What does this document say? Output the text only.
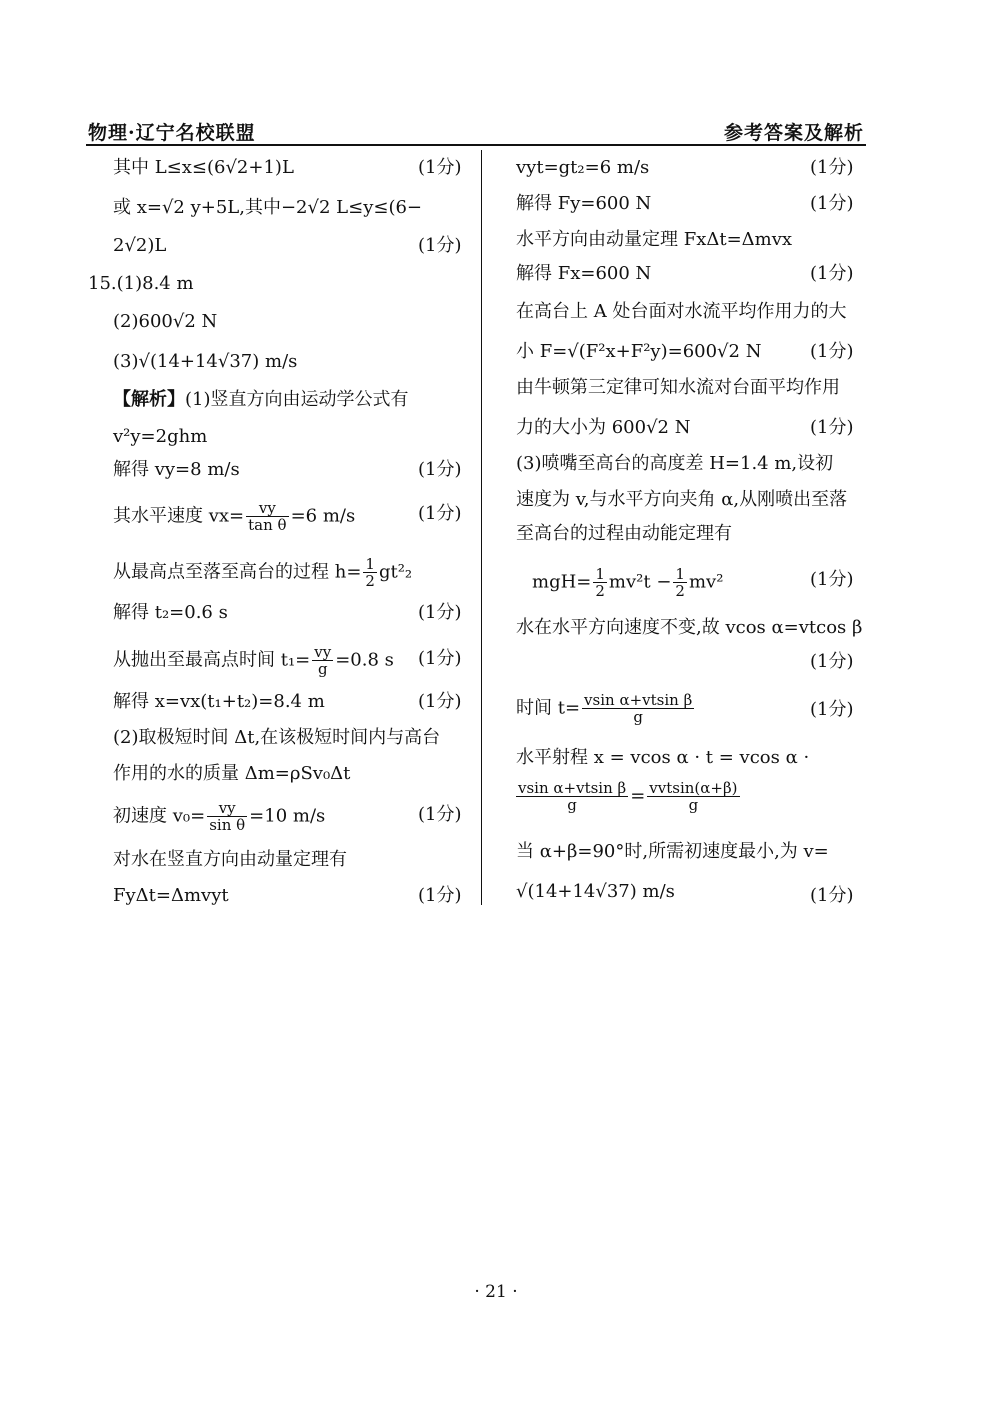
物理·辽宁名校联盟	参考答案及解析
其中 L≤x≤(6√2+1)L	(1分)
或 x=√2 y+5L,其中−2√2 L≤y≤(6−
2√2)L	(1分)
15.(1)8.4 m
(2)600√2 N
(3)√(14+14√37) m/s
【解析】(1)竖直方向由运动学公式有
v²y=2ghm
解得 vy=8 m/s	(1分)
其水平速度 $vx= \frac{vy}{\text{tan θ}} =6$ m/s	(1分)
从最高点至落至高台的过程 $h= \frac{1}{2} gt^2_2$
解得 t₂=0.6 s	(1分)
从抛出至最高点时间 $t_1= \frac{vy}{g} =0.8$ s (1分)
解得 x=vx(t₁+t₂)=8.4 m	(1分)
(2)取极短时间 Δt,在该极短时间内与高台
作用的水的质量 Δm=ρSv₀Δt
初速度 $v_0= \frac{vy}{\text{sin θ}} =10$ m/s	(1分)
对水在竖直方向由动量定理有
FyΔt=Δmvyt	(1分)
vyt=gt₂=6 m/s	(1分)
解得 Fy=600 N	(1分)
水平方向由动量定理 FxΔt=Δmvx
解得 Fx=600 N	(1分)
在高台上 A 处台面对水流平均作用力的大
小 F=√(F²x+F²y)=600√2 N	(1分)
由牛顿第三定律可知水流对台面平均作用
力的大小为 600√2 N	(1分)
(3)喷嘴至高台的高度差 H=1.4 m,设初
速度为 v,与水平方向夹角 α,从刚喷出至落
至高台的过程由动能定理有
$mgH= \frac{1}{2} mv^2t - \frac{1}{2} mv^2$	(1分)
水在水平方向速度不变,故 vcos α=vtcos β
(1分)
时间 $t= \frac{\text{vsin α+vtsin β}}{g}$	(1分)
水平射程 x = vcos α · t = vcos α ·
$\frac{\text{vsin α+vtsin β}}{g} = \frac{\text{vvtsin(α+β)}}{g}$
当 α+β=90°时,所需初速度最小,为 v=
√(14+14√37) m/s	(1分)
· 21 ·
